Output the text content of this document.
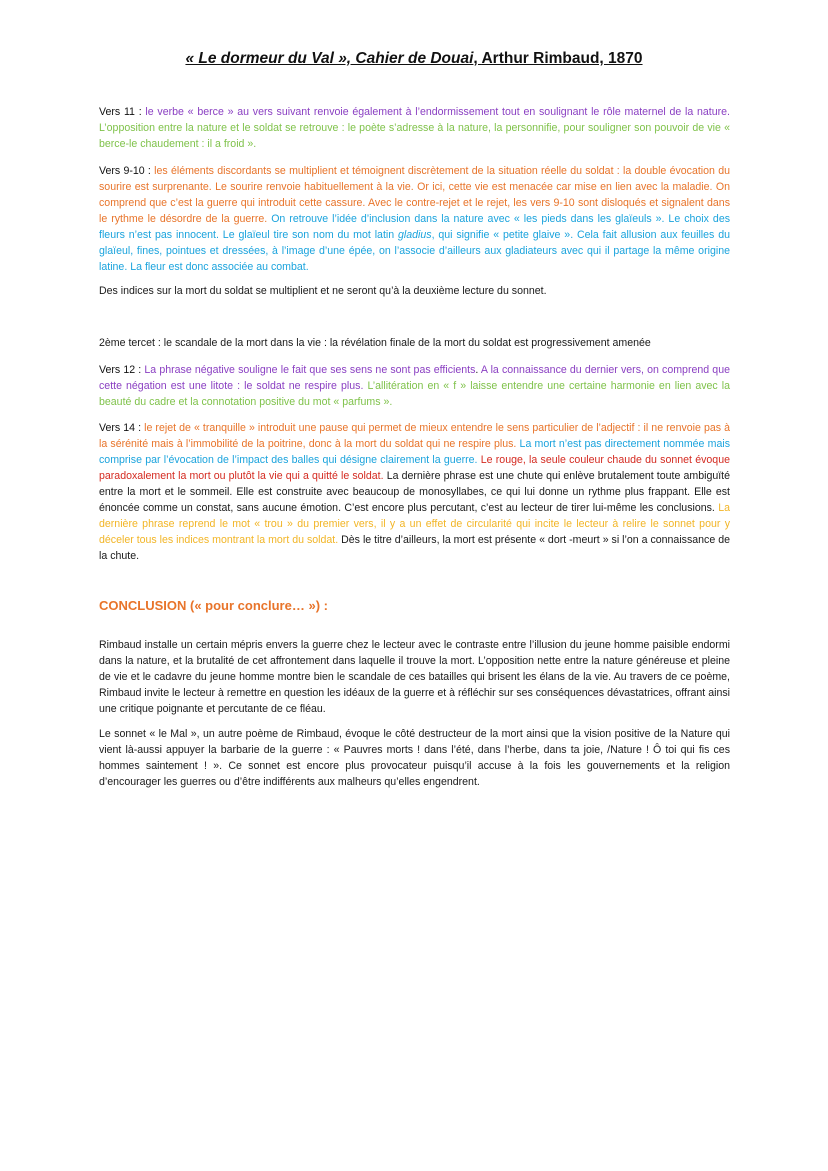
« Le dormeur du Val », Cahier de Douai, Arthur Rimbaud, 1870

Vers 11 : le verbe « berce » au vers suivant renvoie également à l’endormissement tout en soulignant le rôle maternel de la nature. L’opposition entre la nature et le soldat se retrouve : le poète s’adresse à la nature, la personnifie, pour souligner son pouvoir de vie « berce-le chaudement : il a froid ».

Vers 9-10 : les éléments discordants se multiplient et témoignent discrètement de la situation réelle du soldat : la double évocation du sourire est surprenante. Le sourire renvoie habituellement à la vie. Or ici, cette vie est menacée car mise en lien avec la maladie. On comprend que c’est la guerre qui introduit cette cassure. Avec le contre-rejet et le rejet, les vers 9-10 sont disloqués et signalent dans le rythme le désordre de la guerre. On retrouve l’idée d’inclusion dans la nature avec « les pieds dans les glaïeuls ». Le choix des fleurs n’est pas innocent. Le glaïeul tire son nom du mot latin gladius, qui signifie « petite glaive ». Cela fait allusion aux feuilles du glaïeul, fines, pointues et dressées, à l’image d’une épée, on l’associe d’ailleurs aux gladiateurs avec qui il partage la même origine latine. La fleur est donc associée au combat.

Des indices sur la mort du soldat se multiplient et ne seront qu’à la deuxième lecture du sonnet.

2ème tercet : le scandale de la mort dans la vie : la révélation finale de la mort du soldat est progressivement amenée

Vers 12 : La phrase négative souligne le fait que ses sens ne sont pas efficients. A la connaissance du dernier vers, on comprend que cette négation est une litote : le soldat ne respire plus. L’allitération en « f » laisse entendre une certaine harmonie en lien avec la beauté du cadre et la connotation positive du mot « parfums ».

Vers 14 : le rejet de « tranquille » introduit une pause qui permet de mieux entendre le sens particulier de l’adjectif : il ne renvoie pas à la sérénité mais à l’immobilité de la poitrine, donc à la mort du soldat qui ne respire plus. La mort n’est pas directement nommée mais comprise par l’évocation de l’impact des balles qui désigne clairement la guerre. Le rouge, la seule couleur chaude du sonnet évoque paradoxalement la mort ou plutôt la vie qui a quitté le soldat. La dernière phrase est une chute qui enlève brutalement toute ambiguïté entre la mort et le sommeil. Elle est construite avec beaucoup de monosyllabes, ce qui lui donne un rythme plus frappant. Elle est énoncée comme un constat, sans aucune émotion. C’est encore plus percutant, c’est au lecteur de tirer lui-même les conclusions. La dernière phrase reprend le mot « trou » du premier vers, il y a un effet de circularité qui incite le lecteur à relire le sonnet pour y déceler tous les indices montrant la mort du soldat. Dès le titre d’ailleurs, la mort est présente « dort -meurt » si l’on a connaissance de la chute.

CONCLUSION (« pour conclure… ») :

Rimbaud installe un certain mépris envers la guerre chez le lecteur avec le contraste entre l’illusion du jeune homme paisible endormi dans la nature, et la brutalité de cet affrontement dans laquelle il trouve la mort. L’opposition nette entre la nature généreuse et pleine de vie et le cadavre du jeune homme montre bien le scandale de ces batailles qui brisent les élans de la vie. Au travers de ce poème, Rimbaud invite le lecteur à remettre en question les idéaux de la guerre et à réfléchir sur ses conséquences dévastatrices, offrant ainsi une critique poignante et percutante de ce fléau.

Le sonnet « le Mal », un autre poème de Rimbaud, évoque le côté destructeur de la mort ainsi que la vision positive de la Nature qui vient là-aussi appuyer la barbarie de la guerre : « Pauvres morts ! dans l’été, dans l’herbe, dans ta joie, /Nature ! Ô toi qui fis ces hommes saintement ! ». Ce sonnet est encore plus provocateur puisqu’il accuse à la fois les gouvernements et la religion d’encourager les guerres ou d’être indifférents aux malheurs qu’elles engendrent.
